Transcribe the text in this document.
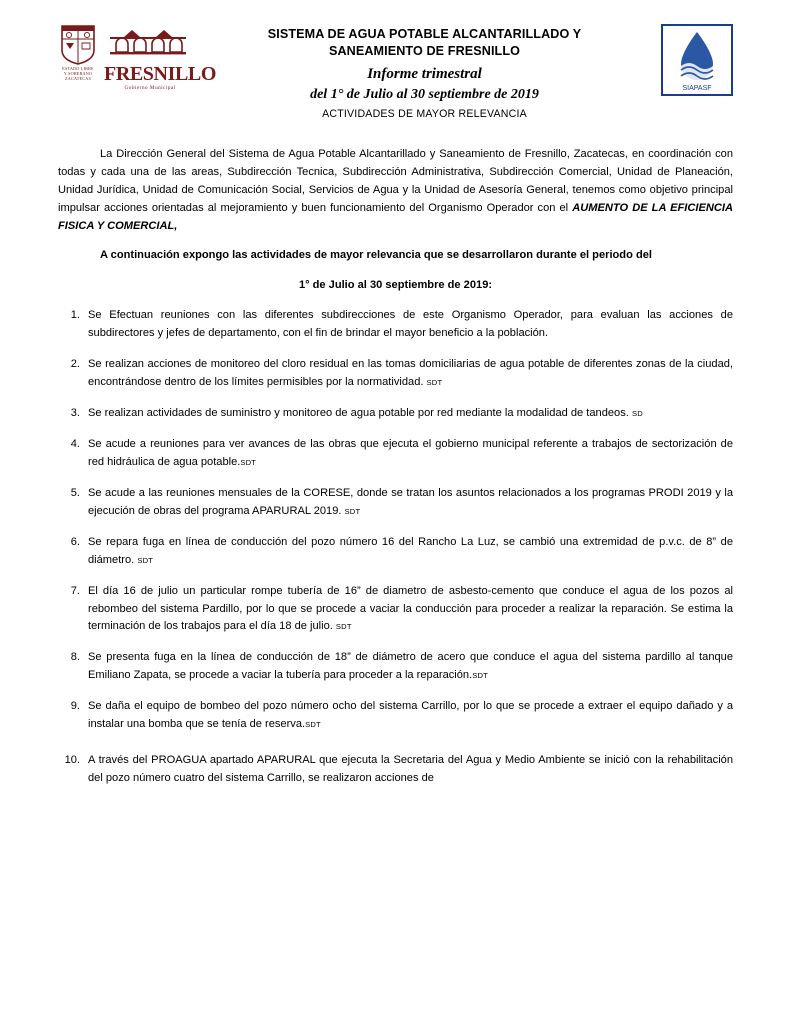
ESTADO LIBRE
Y SOBERANO
ZACATECAS FRESNILLO
Gobierno Municipal
SISTEMA DE AGUA POTABLE ALCANTARILLADO Y
SANEAMIENTO DE FRESNILLO
Informe trimestral
del 1° de Julio al 30 septiembre de 2019
ACTIVIDADES DE MAYOR RELEVANCIA
SIAPASF

La Dirección General del Sistema de Agua Potable Alcantarillado y Saneamiento de Fresnillo, Zacatecas, en coordinación con todas y cada una de las areas, Subdirección Tecnica, Subdirección Administrativa, Subdirección Comercial, Unidad de Planeación, Unidad Jurídica, Unidad de Comunicación Social, Servicios de Agua y la Unidad de Asesoría General, tenemos como objetivo principal impulsar acciones orientadas al mejoramiento y buen funcionamiento del Organismo Operador con el AUMENTO DE LA EFICIENCIA FISICA Y COMERCIAL,

A continuación expongo las actividades de mayor relevancia que se desarrollaron durante el periodo del

1° de Julio al 30 septiembre de 2019:

1. Se Efectuan reuniones con las diferentes subdirecciones de este Organismo Operador, para evaluan las acciones de subdirectores y jefes de departamento, con el fin de brindar el mayor beneficio a la población.
2. Se realizan acciones de monitoreo del cloro residual en las tomas domiciliarias de agua potable de diferentes zonas de la ciudad, encontrándose dentro de los límites permisibles por la normatividad. SDT
3. Se realizan actividades de suministro y monitoreo de agua potable por red mediante la modalidad de tandeos. SD
4. Se acude a reuniones para ver avances de las obras que ejecuta el gobierno municipal referente a trabajos de sectorización de red hidráulica de agua potable.SDT
5. Se acude a las reuniones mensuales de la CORESE, donde se tratan los asuntos relacionados a los programas PRODI 2019 y la ejecución de obras del programa APARURAL 2019. SDT
6. Se repara fuga en línea de conducción del pozo número 16 del Rancho La Luz, se cambió una extremidad de p.v.c. de 8” de diámetro. SDT
7. El día 16 de julio un particular rompe tubería de 16” de diametro de asbesto-cemento que conduce el agua de los pozos al rebombeo del sistema Pardillo, por lo que se procede a vaciar la conducción para proceder a realizar la reparación. Se estima la terminación de los trabajos para el día 18 de julio. SDT
8. Se presenta fuga en la línea de conducción de 18” de diámetro de acero que conduce el agua del sistema pardillo al tanque Emiliano Zapata, se procede a vaciar la tubería para proceder a la reparación.SDT
9. Se daña el equipo de bombeo del pozo número ocho del sistema Carrillo, por lo que se procede a extraer el equipo dañado y a instalar una bomba que se tenía de reserva.SDT
10. A través del PROAGUA apartado APARURAL que ejecuta la Secretaria del Agua y Medio Ambiente se inició con la rehabilitación del pozo número cuatro del sistema Carrillo, se realizaron acciones de
